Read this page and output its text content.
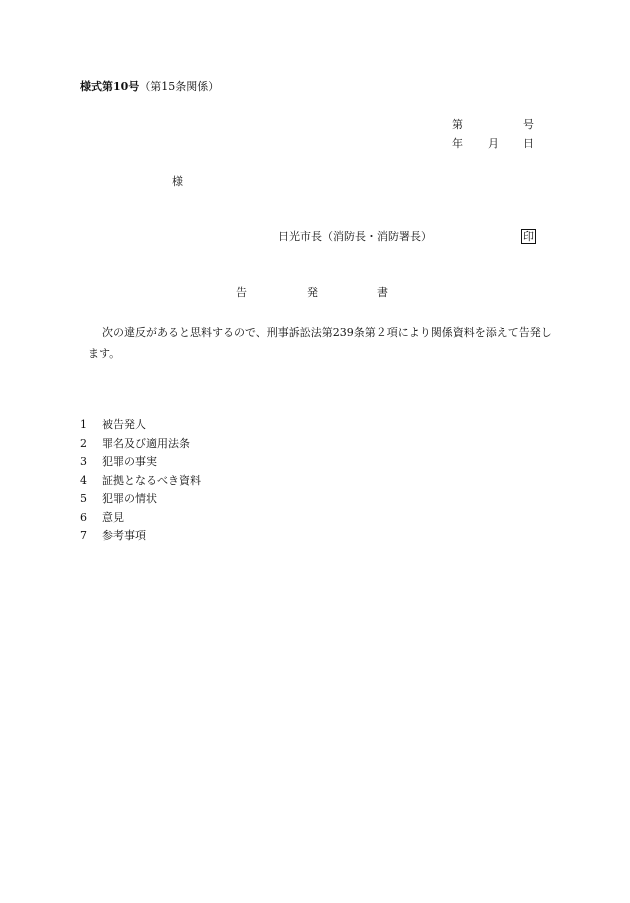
様式第10号（第15条関係）
第	号
年 月 日
様
日光市長（消防長・消防署長）	印
告	発	書
次の違反があると思料するので、刑事訴訟法第239条第２項により関係資料を添えて告発します。
1 被告発人
2 罪名及び適用法条
3 犯罪の事実
4 証拠となるべき資料
5 犯罪の情状
6 意見
7 参考事項
